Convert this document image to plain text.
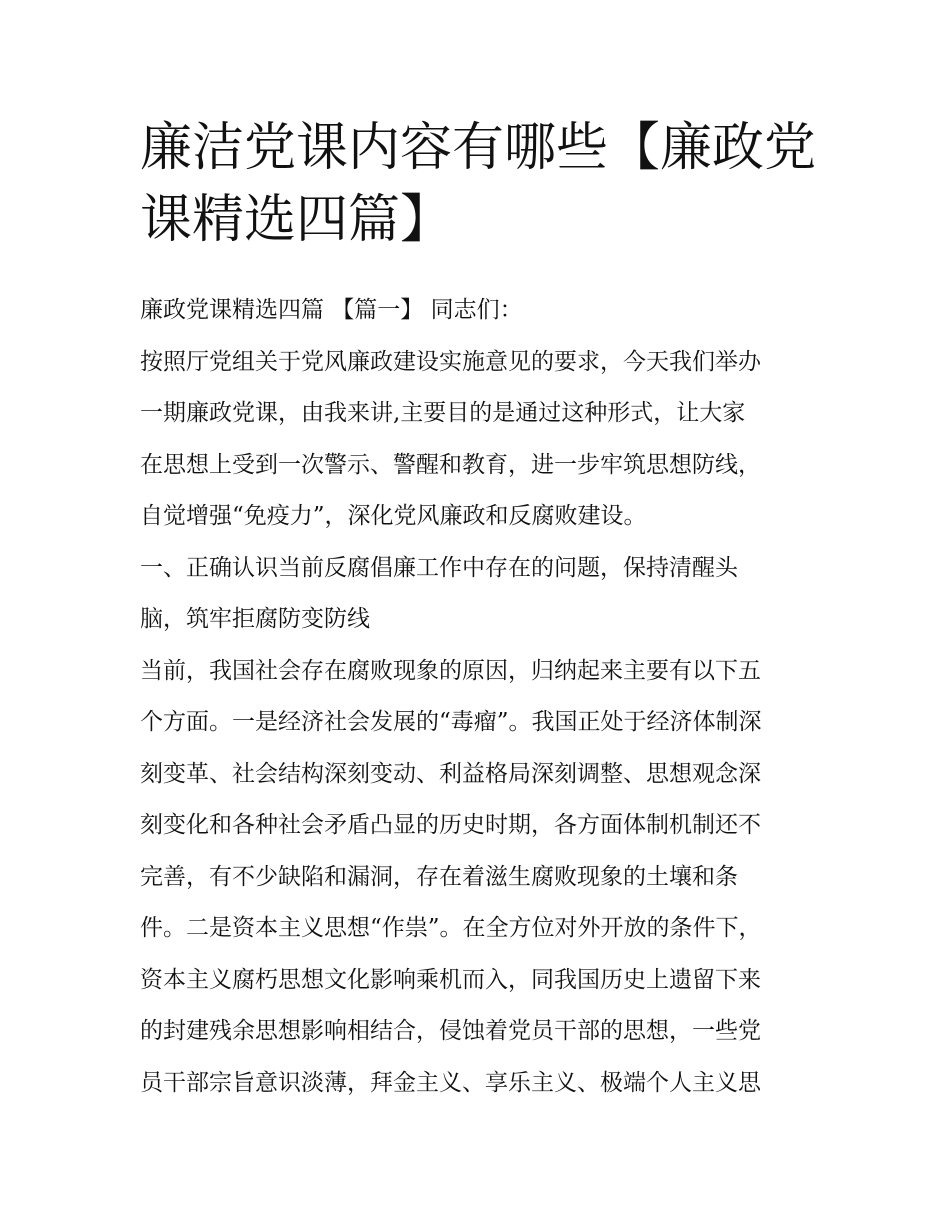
廉洁党课内容有哪些【廉政党
课精选四篇】
廉政党课精选四篇 【篇一】 同志们：
按照厅党组关于党风廉政建设实施意见的要求，今天我们举办
一期廉政党课，由我来讲,主要目的是通过这种形式，让大家
在思想上受到一次警示、警醒和教育，进一步牢筑思想防线，
自觉增强“免疫力”，深化党风廉政和反腐败建设。
一、正确认识当前反腐倡廉工作中存在的问题，保持清醒头
脑，筑牢拒腐防变防线
当前，我国社会存在腐败现象的原因，归纳起来主要有以下五
个方面。一是经济社会发展的“毒瘤”。我国正处于经济体制深
刻变革、社会结构深刻变动、利益格局深刻调整、思想观念深
刻变化和各种社会矛盾凸显的历史时期，各方面体制机制还不
完善，有不少缺陷和漏洞，存在着滋生腐败现象的土壤和条
件。二是资本主义思想“作祟”。在全方位对外开放的条件下，
资本主义腐朽思想文化影响乘机而入，同我国历史上遗留下来
的封建残余思想影响相结合，侵蚀着党员干部的思想，一些党
员干部宗旨意识淡薄，拜金主义、享乐主义、极端个人主义思
